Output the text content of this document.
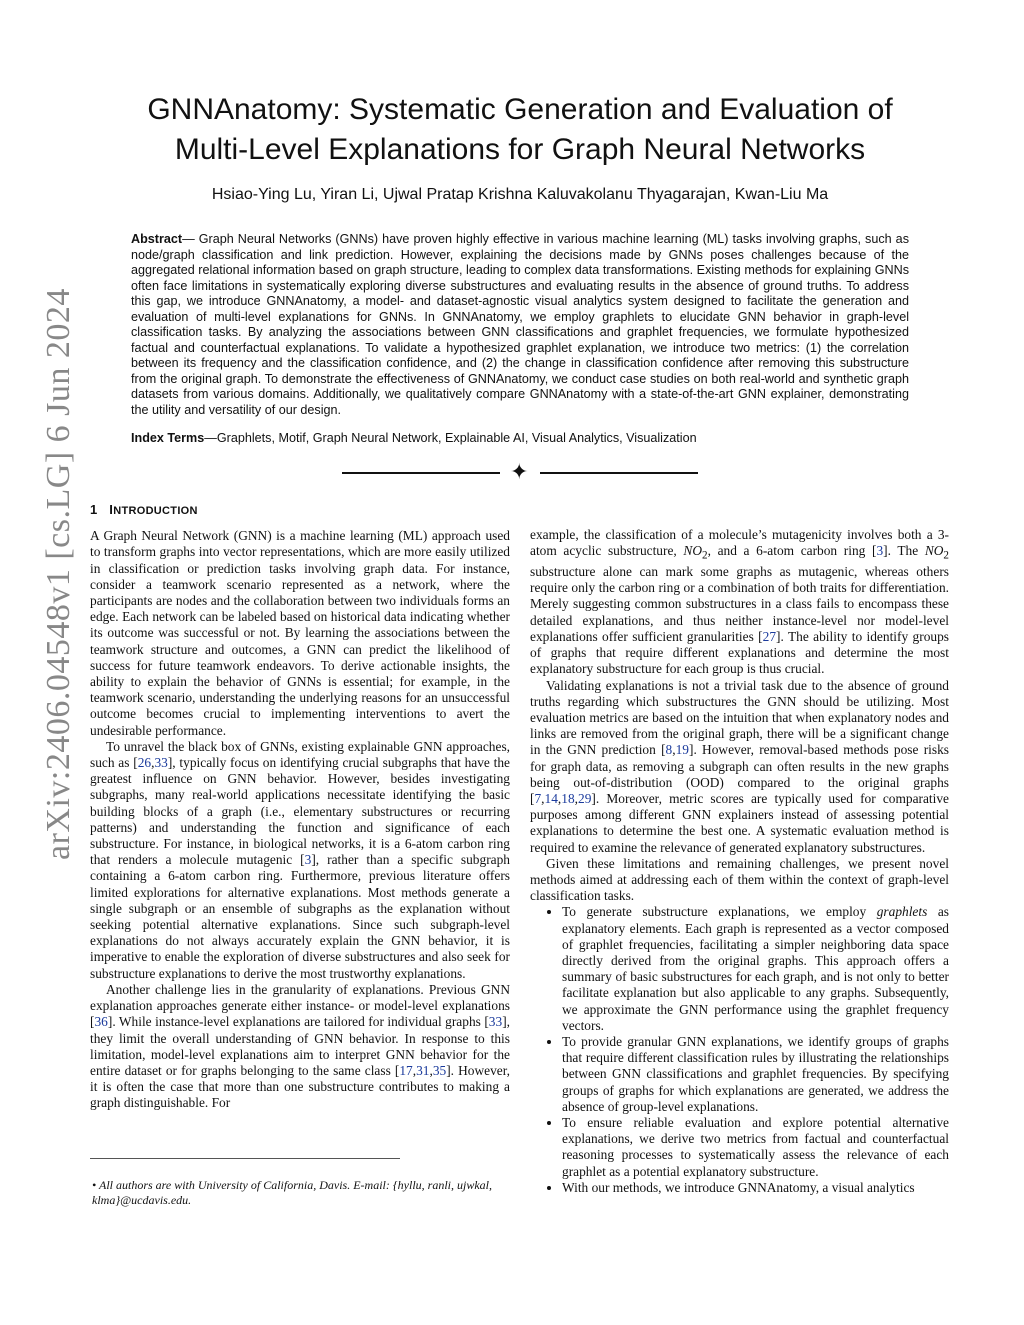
arXiv:2406.04548v1 [cs.LG] 6 Jun 2024
GNNAnatomy: Systematic Generation and Evaluation of
Multi-Level Explanations for Graph Neural Networks
Hsiao-Ying Lu, Yiran Li, Ujwal Pratap Krishna Kaluvakolanu Thyagarajan, Kwan-Liu Ma
Abstract— Graph Neural Networks (GNNs) have proven highly effective in various machine learning (ML) tasks involving graphs, such as node/graph classification and link prediction. However, explaining the decisions made by GNNs poses challenges because of the aggregated relational information based on graph structure, leading to complex data transformations. Existing methods for explaining GNNs often face limitations in systematically exploring diverse substructures and evaluating results in the absence of ground truths. To address this gap, we introduce GNNAnatomy, a model- and dataset-agnostic visual analytics system designed to facilitate the generation and evaluation of multi-level explanations for GNNs. In GNNAnatomy, we employ graphlets to elucidate GNN behavior in graph-level classification tasks. By analyzing the associations between GNN classifications and graphlet frequencies, we formulate hypothesized factual and counterfactual explanations. To validate a hypothesized graphlet explanation, we introduce two metrics: (1) the correlation between its frequency and the classification confidence, and (2) the change in classification confidence after removing this substructure from the original graph. To demonstrate the effectiveness of GNNAnatomy, we conduct case studies on both real-world and synthetic graph datasets from various domains. Additionally, we qualitatively compare GNNAnatomy with a state-of-the-art GNN explainer, demonstrating the utility and versatility of our design.
Index Terms—Graphlets, Motif, Graph Neural Network, Explainable AI, Visual Analytics, Visualization
✦
1 INTRODUCTION

A Graph Neural Network (GNN) is a machine learning (ML) approach used to transform graphs into vector representations, which are more easily utilized in classification or prediction tasks involving graph data. For instance, consider a teamwork scenario represented as a network, where the participants are nodes and the collaboration between two individuals forms an edge. Each network can be labeled based on historical data indicating whether its outcome was successful or not. By learning the associations between the teamwork structure and outcomes, a GNN can predict the likelihood of success for future teamwork endeavors. To derive actionable insights, the ability to explain the behavior of GNNs is essential; for example, in the teamwork scenario, understanding the underlying reasons for an unsuccessful outcome becomes crucial to implementing interventions to avert the undesirable performance.

To unravel the black box of GNNs, existing explainable GNN approaches, such as [26,33], typically focus on identifying crucial subgraphs that have the greatest influence on GNN behavior. However, besides investigating subgraphs, many real-world applications necessitate identifying the basic building blocks of a graph (i.e., elementary substructures or recurring patterns) and understanding the function and significance of each substructure. For instance, in biological networks, it is a 6-atom carbon ring that renders a molecule mutagenic [3], rather than a specific subgraph containing a 6-atom carbon ring. Furthermore, previous literature offers limited explorations for alternative explanations. Most methods generate a single subgraph or an ensemble of subgraphs as the explanation without seeking potential alternative explanations. Since such subgraph-level explanations do not always accurately explain the GNN behavior, it is imperative to enable the exploration of diverse substructures and also seek for substructure explanations to derive the most trustworthy explanations.

Another challenge lies in the granularity of explanations. Previous GNN explanation approaches generate either instance- or model-level explanations [36]. While instance-level explanations are tailored for individual graphs [33], they limit the overall understanding of GNN behavior. In response to this limitation, model-level explanations aim to interpret GNN behavior for the entire dataset or for graphs belonging to the same class [17,31,35]. However, it is often the case that more than one substructure contributes to making a graph distinguishable. For

• All authors are with University of California, Davis. E-mail: {hyllu, ranli, ujwkal, klma}@ucdavis.edu.

example, the classification of a molecule’s mutagenicity involves both a 3-atom acyclic substructure, $NO_2$, and a 6-atom carbon ring [3]. The $NO_2$ substructure alone can mark some graphs as mutagenic, whereas others require only the carbon ring or a combination of both traits for differentiation. Merely suggesting common substructures in a class fails to encompass these detailed explanations, and thus neither instance-level nor model-level explanations offer sufficient granularities [27]. The ability to identify groups of graphs that require different explanations and determine the most explanatory substructure for each group is thus crucial.

Validating explanations is not a trivial task due to the absence of ground truths regarding which substructures the GNN should be utilizing. Most evaluation metrics are based on the intuition that when explanatory nodes and links are removed from the original graph, there will be a significant change in the GNN prediction [8,19]. However, removal-based methods pose risks for graph data, as removing a subgraph can often results in the new graphs being out-of-distribution (OOD) compared to the original graphs [7,14,18,29]. Moreover, metric scores are typically used for comparative purposes among different GNN explainers instead of assessing potential explanations to determine the best one. A systematic evaluation method is required to examine the relevance of generated explanatory substructures.

Given these limitations and remaining challenges, we present novel methods aimed at addressing each of them within the context of graph-level classification tasks.

• To generate substructure explanations, we employ graphlets as explanatory elements. Each graph is represented as a vector composed of graphlet frequencies, facilitating a simpler neighboring data space directly derived from the original graphs. This approach offers a summary of basic substructures for each graph, and is not only to better facilitate explanation but also applicable to any graphs. Subsequently, we approximate the GNN performance using the graphlet frequency vectors.
• To provide granular GNN explanations, we identify groups of graphs that require different classification rules by illustrating the relationships between GNN classifications and graphlet frequencies. By specifying groups of graphs for which explanations are generated, we address the absence of group-level explanations.
• To ensure reliable evaluation and explore potential alternative explanations, we derive two metrics from factual and counterfactual reasoning processes to systematically assess the relevance of each graphlet as a potential explanatory substructure.
• With our methods, we introduce GNNAnatomy, a visual analytics
